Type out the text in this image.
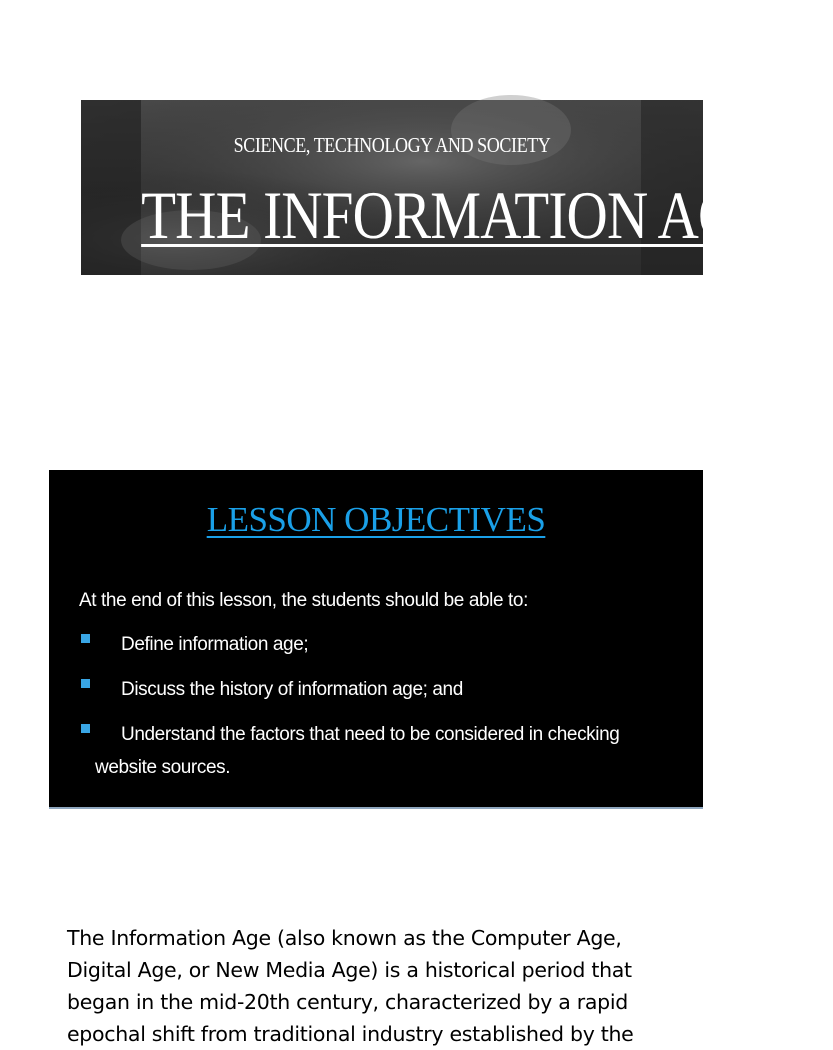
SCIENCE, TECHNOLOGY AND SOCIETY
THE INFORMATION AGE
LESSON OBJECTIVES
At the end of this lesson, the students should be able to:
Define information age;
Discuss the history of information age; and
Understand the factors that need to be considered in checking
website sources.
The Information Age (also known as the Computer Age,
Digital Age, or New Media Age) is a historical period that
began in the mid-20th century, characterized by a rapid
epochal shift from traditional industry established by the
